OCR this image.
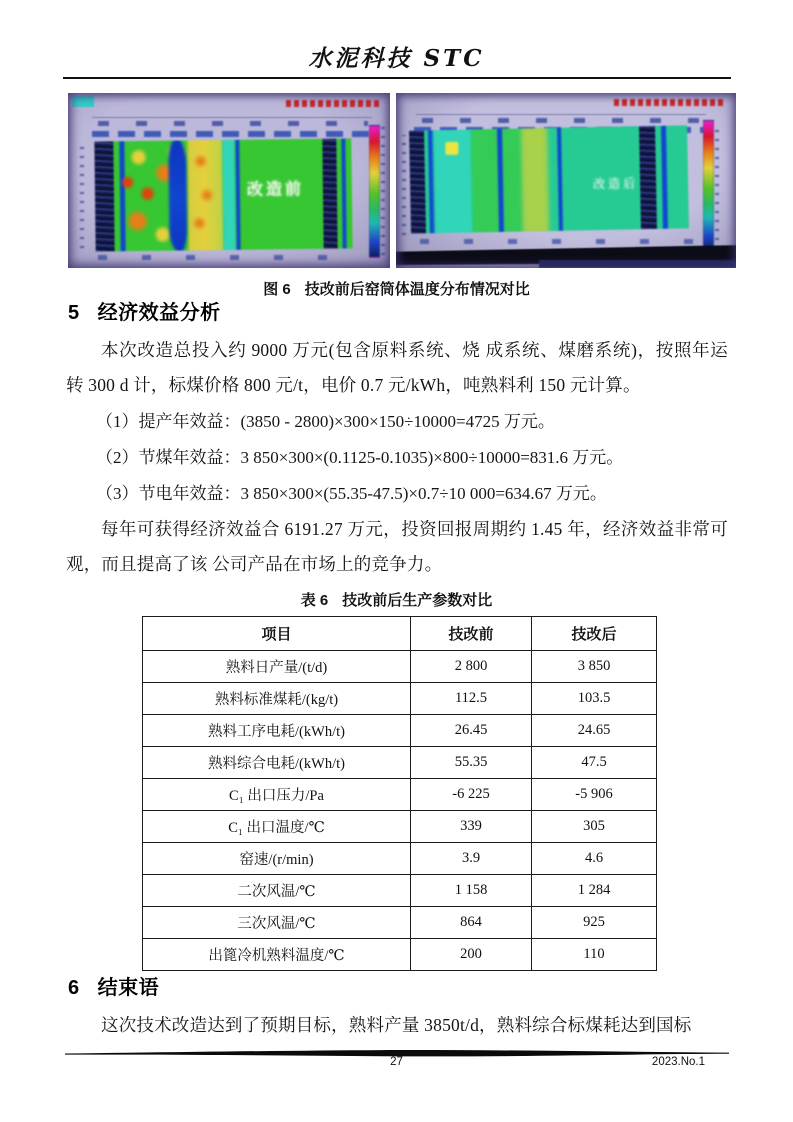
水泥科技 STC
改造前	改造后
图 6 技改前后窑筒体温度分布情况对比
5 经济效益分析
本次改造总投入约 9000 万元(包含原料系统、烧 成系统、煤磨系统)，按照年运转 300 d 计，标煤价格 800 元/t，电价 0.7 元/kWh，吨熟料利 150 元计算。
（1）提产年效益：(3850 - 2800)×300×150÷10000=4725 万元。
（2）节煤年效益：3 850×300×(0.1125-0.1035)×800÷10000=831.6 万元。
（3）节电年效益：3 850×300×(55.35-47.5)×0.7÷10 000=634.67 万元。
每年可获得经济效益合 6191.27 万元，投资回报周期约 1.45 年，经济效益非常可观，而且提高了该 公司产品在市场上的竞争力。
表 6 技改前后生产参数对比
项目	技改前	技改后
熟料日产量/(t/d)	2 800	3 850
熟料标准煤耗/(kg/t)	112.5	103.5
熟料工序电耗/(kWh/t)	26.45	24.65
熟料综合电耗/(kWh/t)	55.35	47.5
C₁ 出口压力/Pa	-6 225	-5 906
C₁ 出口温度/℃	339	305
窑速/(r/min)	3.9	4.6
二次风温/℃	1 158	1 284
三次风温/℃	864	925
出篦冷机熟料温度/℃	200	110
6 结束语
这次技术改造达到了预期目标，熟料产量 3850t/d，熟料综合标煤耗达到国标
27	2023.No.1
